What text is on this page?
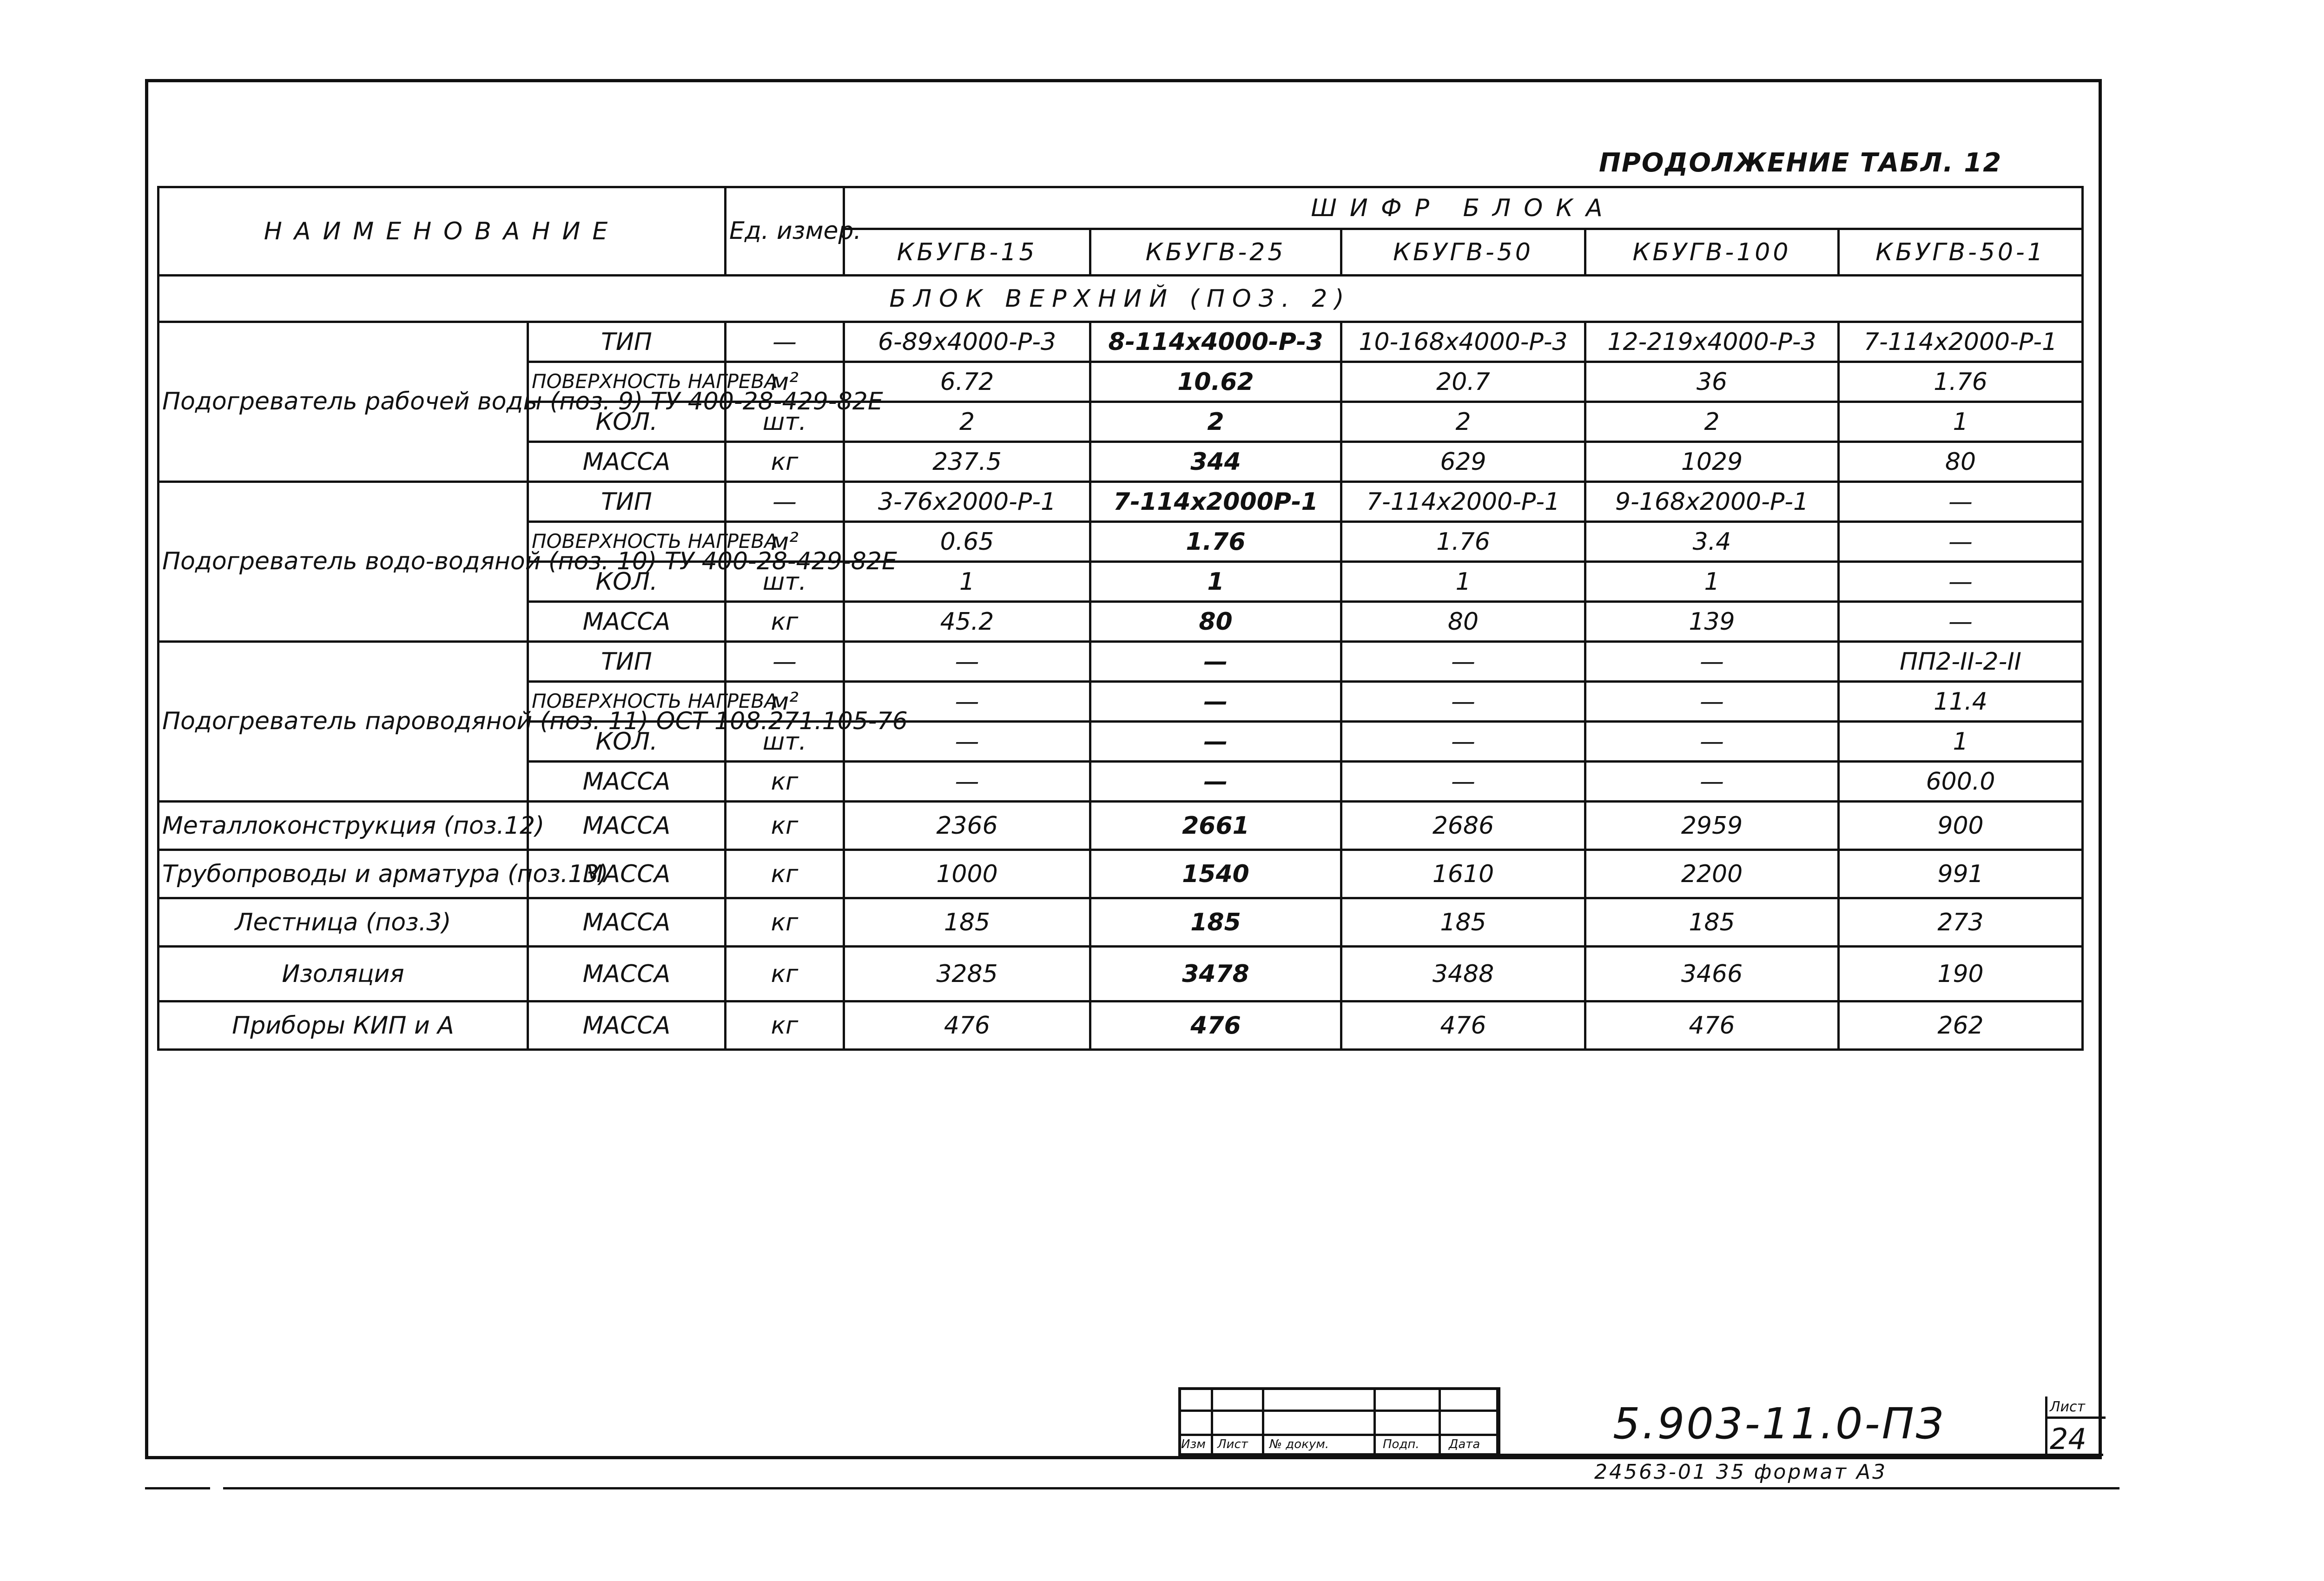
ПРОДОЛЖЕНИЕ ТАБЛ. 12
НАИМЕНОВАНИЕ		Ед. измер.	ШИФР БЛОКА				
			КБУГВ-15	КБУГВ-25	КБУГВ-50	КБУГВ-100	КБУГВ-50-1
БЛОК ВЕРХНИЙ (ПОЗ. 2)							
Подогреватель рабочей воды (поз. 9) ТУ 400-28-429-82Е	ТИП	—	6-89х4000-Р-3	8-114х4000-Р-3	10-168х4000-Р-3	12-219х4000-Р-3	7-114х2000-Р-1
	ПОВЕРХНОСТЬ НАГРЕВА	м²	6.72	10.62	20.7	36	1.76
	КОЛ.	шт.	2	2	2	2	1
	МАССА	кг	237.5	344	629	1029	80
Подогреватель водо-водяной (поз. 10) ТУ 400-28-429-82Е	ТИП	—	3-76х2000-Р-1	7-114х2000Р-1	7-114х2000-Р-1	9-168х2000-Р-1	—
	ПОВЕРХНОСТЬ НАГРЕВА	м²	0.65	1.76	1.76	3.4	—
	КОЛ.	шт.	1	1	1	1	—
	МАССА	кг	45.2	80	80	139	—
Подогреватель пароводяной (поз. 11) ОСТ 108.271.105-76	ТИП	—	—	—	—	—	ПП2-II-2-II
	ПОВЕРХНОСТЬ НАГРЕВА	м²	—	—	—	—	11.4
	КОЛ.	шт.	—	—	—	—	1
	МАССА	кг	—	—	—	—	600.0
Металлоконструкция (поз.12)	МАССА	кг	2366	2661	2686	2959	900
Трубопроводы и арматура (поз.13)	МАССА	кг	1000	1540	1610	2200	991
Лестница (поз.3)	МАССА	кг	185	185	185	185	273
Изоляция	МАССА	кг	3285	3478	3488	3466	190
Приборы КИП и А	МАССА	кг	476	476	476	476	262
Изм Лист № докум.	Подп. Дата	5.903-11.0-ПЗ	Лист
24
24563-01 35 формат А3
